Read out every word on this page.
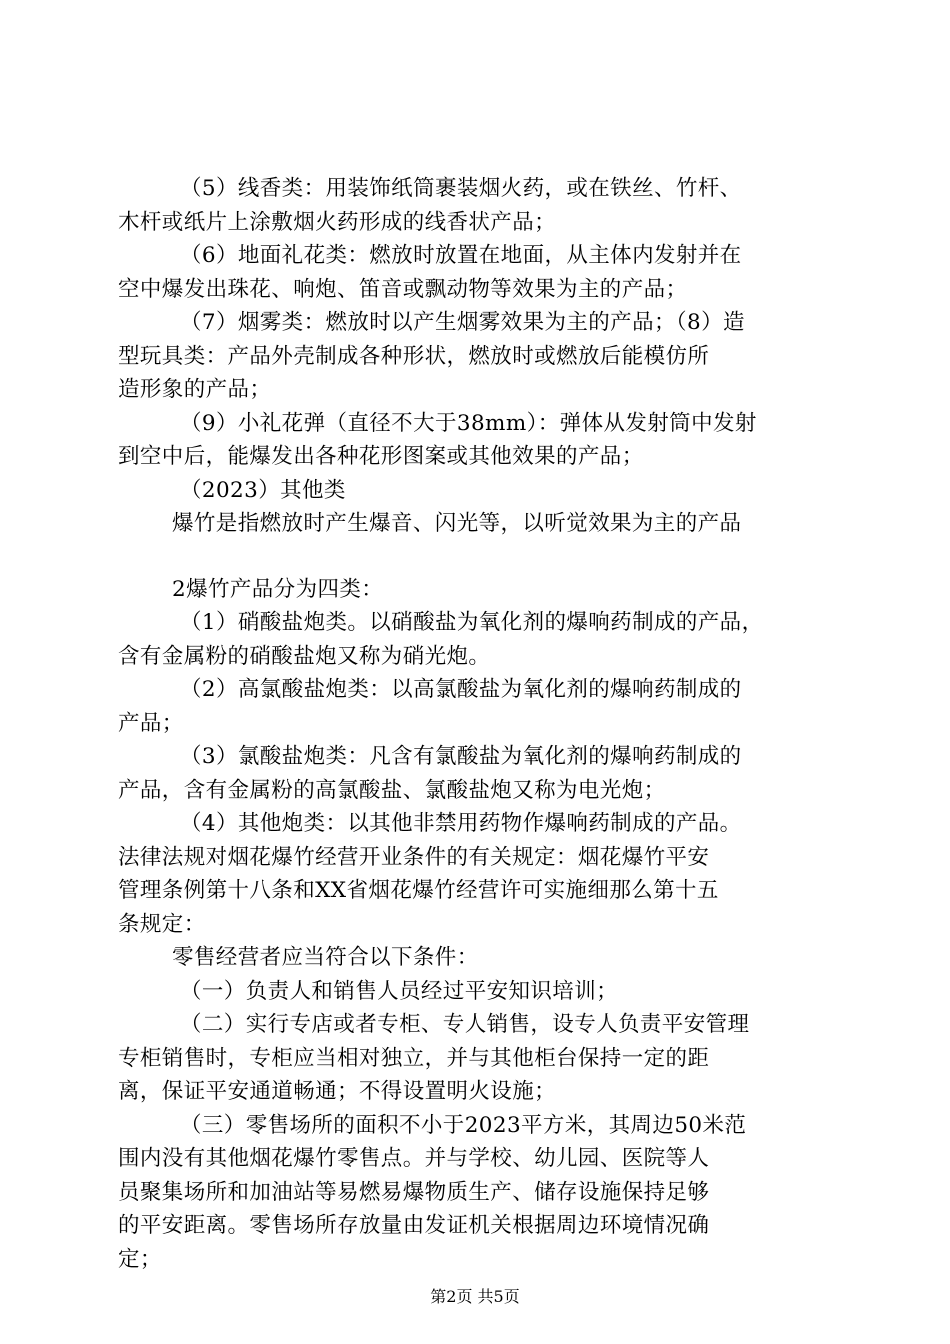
（5）线香类：用装饰纸筒裹装烟火药，或在铁丝、竹杆、
木杆或纸片上涂敷烟火药形成的线香状产品；
（6）地面礼花类：燃放时放置在地面，从主体内发射并在
空中爆发出珠花、响炮、笛音或飘动物等效果为主的产品；
（7）烟雾类：燃放时以产生烟雾效果为主的产品；（8）造
型玩具类：产品外壳制成各种形状，燃放时或燃放后能模仿所
造形象的产品；
（9）小礼花弹（直径不大于38mm）：弹体从发射筒中发射
到空中后，能爆发出各种花形图案或其他效果的产品；
（2023）其他类
爆竹是指燃放时产生爆音、闪光等，以听觉效果为主的产品
2爆竹产品分为四类：
（1）硝酸盐炮类。以硝酸盐为氧化剂的爆响药制成的产品，
含有金属粉的硝酸盐炮又称为硝光炮。
（2）高氯酸盐炮类：以高氯酸盐为氧化剂的爆响药制成的
产品；
（3）氯酸盐炮类：凡含有氯酸盐为氧化剂的爆响药制成的
产品，含有金属粉的高氯酸盐、氯酸盐炮又称为电光炮；
（4）其他炮类：以其他非禁用药物作爆响药制成的产品。
法律法规对烟花爆竹经营开业条件的有关规定：烟花爆竹平安
管理条例第十八条和XX省烟花爆竹经营许可实施细那么第十五
条规定：
零售经营者应当符合以下条件：
（一）负责人和销售人员经过平安知识培训；
（二）实行专店或者专柜、专人销售，设专人负责平安管理
专柜销售时，专柜应当相对独立，并与其他柜台保持一定的距
离，保证平安通道畅通；不得设置明火设施；
（三）零售场所的面积不小于2023平方米，其周边50米范
围内没有其他烟花爆竹零售点。并与学校、幼儿园、医院等人
员聚集场所和加油站等易燃易爆物质生产、储存设施保持足够
的平安距离。零售场所存放量由发证机关根据周边环境情况确
定；
第2页 共5页
